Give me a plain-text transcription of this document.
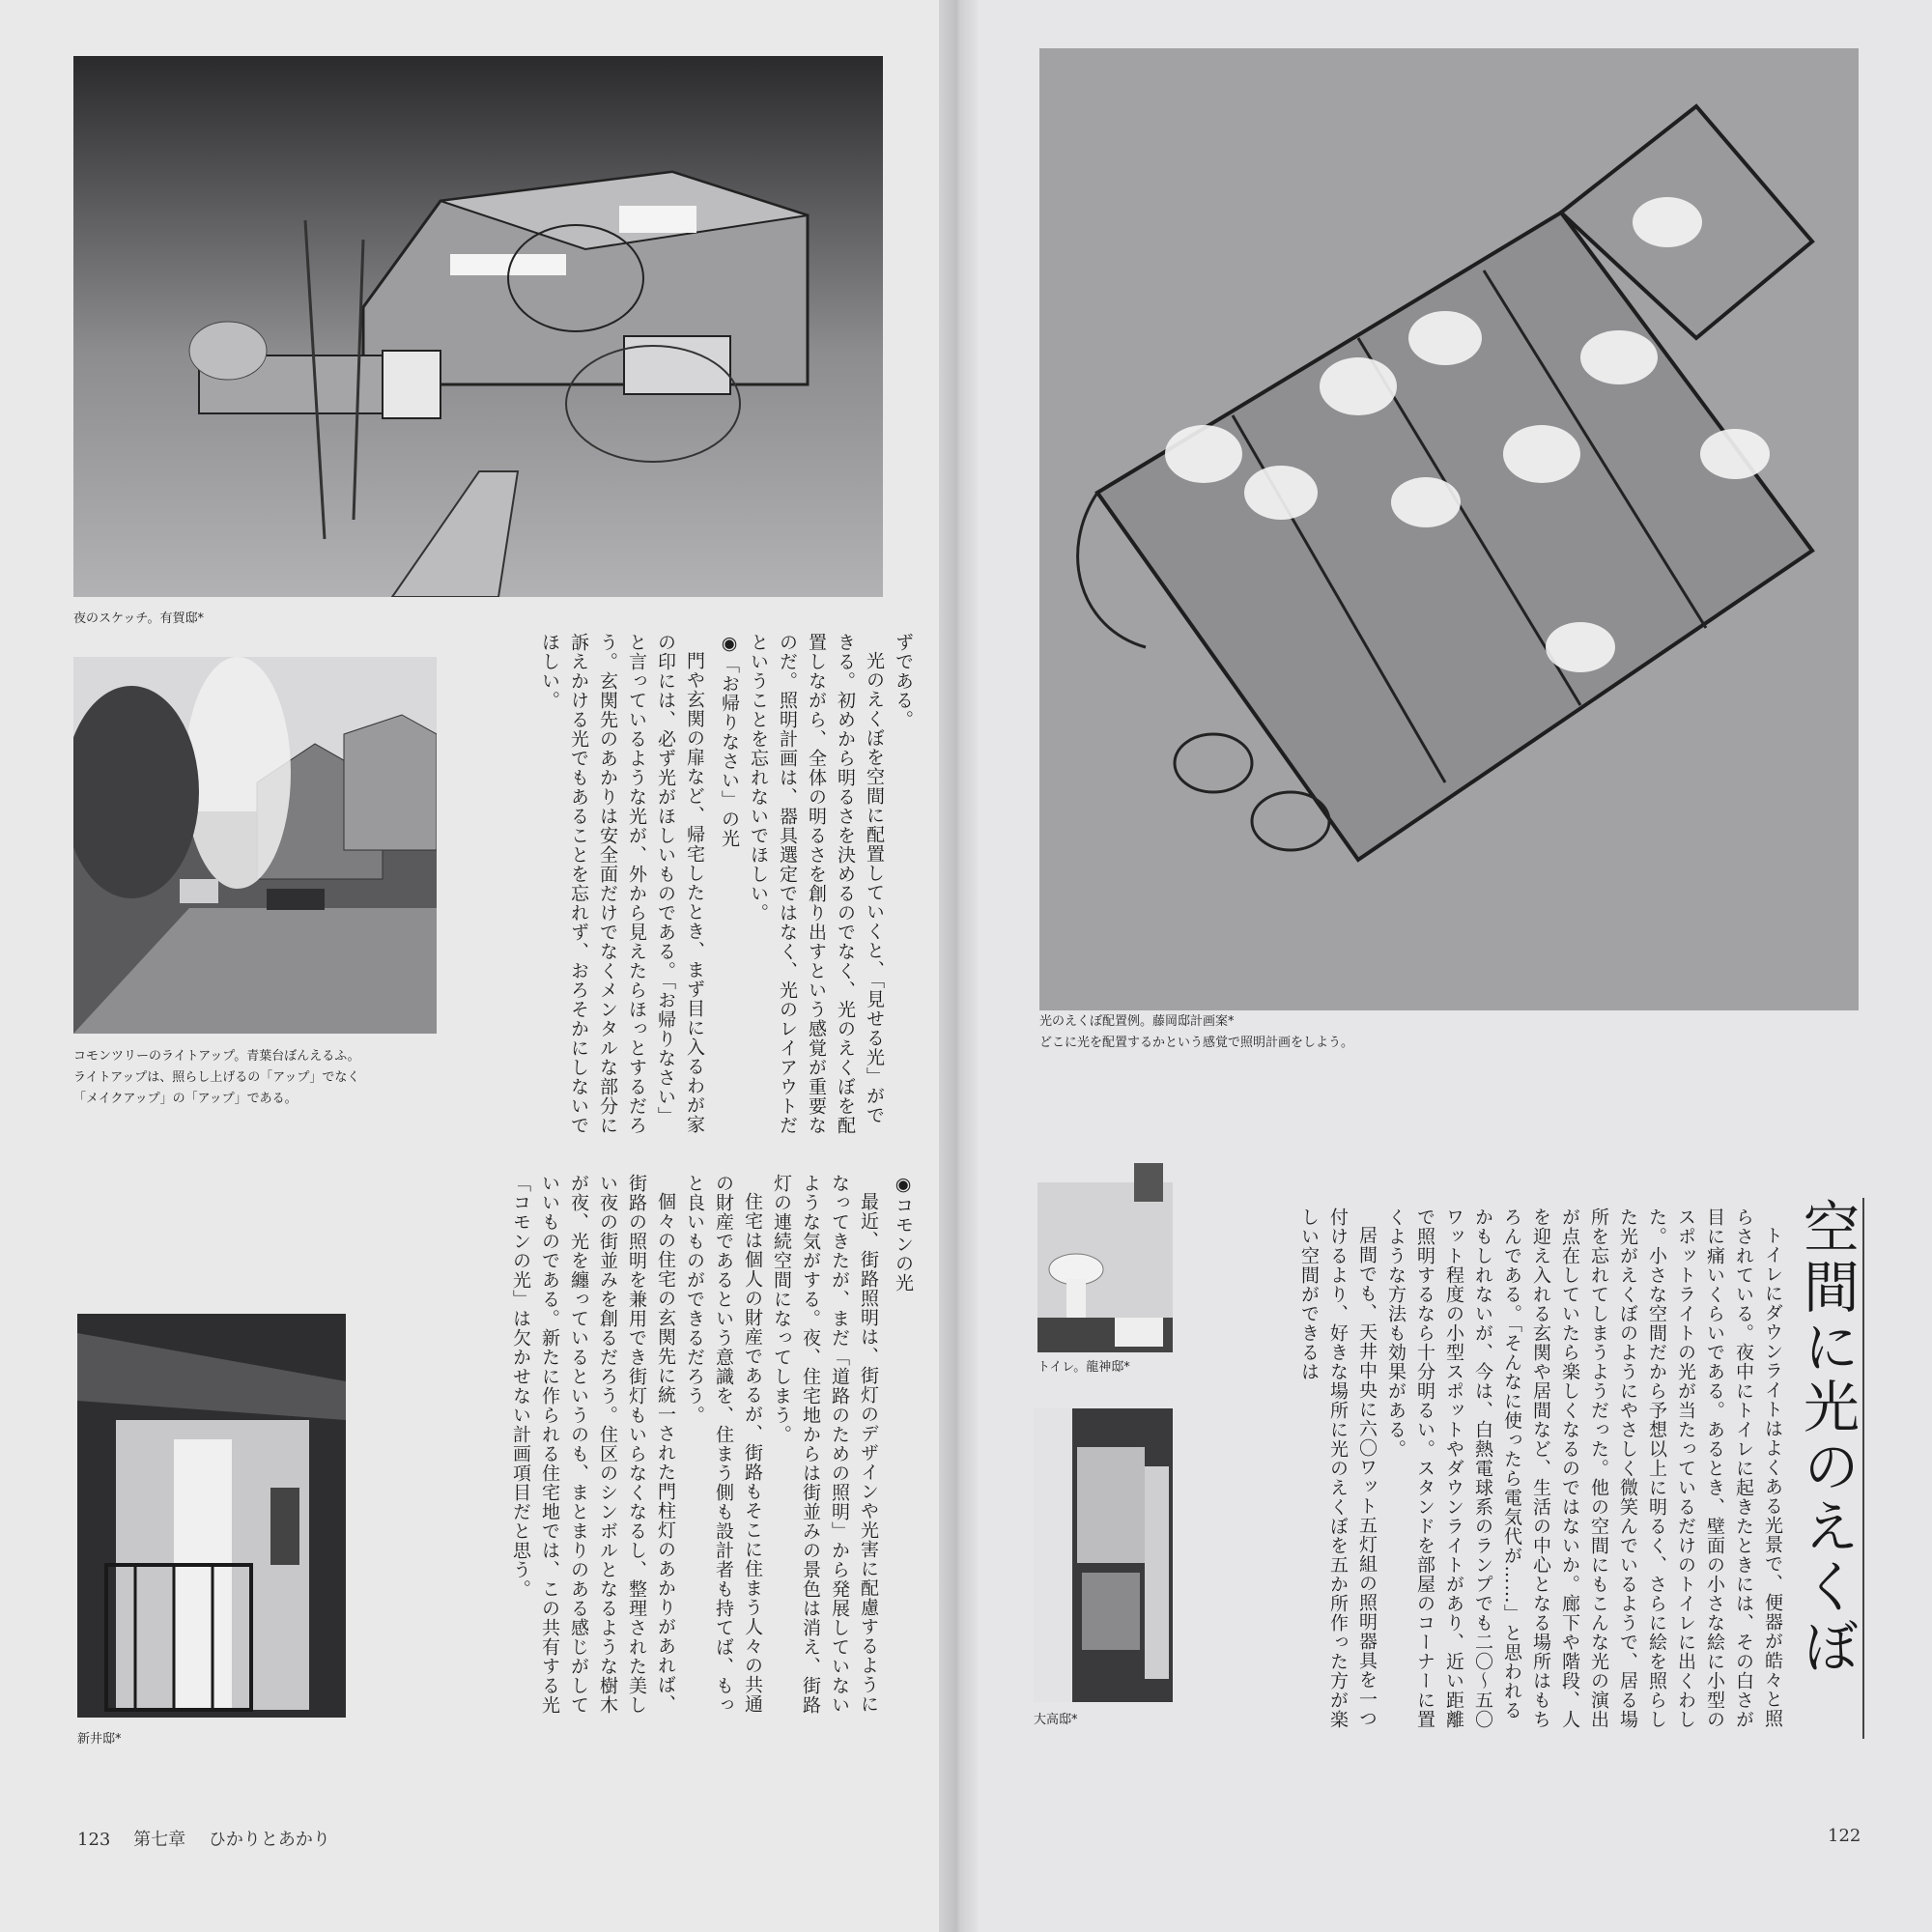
夜のスケッチ。有賀邸*
コモンツリーのライトアップ。青葉台ぼんえるふ。
ライトアップは、照らし上げるの「アップ」でなく
「メイクアップ」の「アップ」である。
新井邸*

ずである。

光のえくぼを空間に配置していくと、「見せる光」ができる。初めから明るさを決めるのでなく、光のえくぼを配置しながら、全体の明るさを創り出すという感覚が重要なのだ。照明計画は、器具選定ではなく、光のレイアウトだということを忘れないでほしい。

◉「お帰りなさい」の光

門や玄関の扉など、帰宅したとき、まず目に入るわが家の印には、必ず光がほしいものである。「お帰りなさい」と言っているような光が、外から見えたらほっとするだろう。玄関先のあかりは安全面だけでなくメンタルな部分に訴えかける光でもあることを忘れず、おろそかにしないでほしい。

◉コモンの光

最近、街路照明は、街灯のデザインや光害に配慮するようになってきたが、まだ「道路のための照明」から発展していないような気がする。夜、住宅地からは街並みの景色は消え、街路灯の連続空間になってしまう。

住宅は個人の財産であるが、街路もそこに住まう人々の共通の財産であるという意識を、住まう側も設計者も持てば、もっと良いものができるだろう。

個々の住宅の玄関先に統一された門柱灯のあかりがあれば、街路の照明を兼用でき街灯もいらなくなるし、整理された美しい夜の街並みを創るだろう。住区のシンボルとなるような樹木が夜、光を纏っているというのも、まとまりのある感じがしていいものである。新たに作られる住宅地では、この共有する光「コモンの光」は欠かせない計画項目だと思う。

123 第七章 ひかりとあかり
光のえくぼ配置例。藤岡邸計画案*
どこに光を配置するかという感覚で照明計画をしよう。
トイレ。龍神邸*
大高邸*
空間に光のえくぼ

トイレにダウンライトはよくある光景で、便器が皓々と照らされている。夜中にトイレに起きたときには、その白さが目に痛いくらいである。あるとき、壁面の小さな絵に小型のスポットライトの光が当たっているだけのトイレに出くわした。小さな空間だから予想以上に明るく、さらに絵を照らした光がえくぼのようにやさしく微笑んでいるようで、居る場所を忘れてしまうようだった。他の空間にもこんな光の演出が点在していたら楽しくなるのではないか。廊下や階段、人を迎え入れる玄関や居間など、生活の中心となる場所はもちろんである。「そんなに使ったら電気代が……」と思われるかもしれないが、今は、白熱電球系のランプでも二〇〜五〇ワット程度の小型スポットやダウンライトがあり、近い距離で照明するなら十分明るい。スタンドを部屋のコーナーに置くような方法も効果がある。

居間でも、天井中央に六〇ワット五灯組の照明器具を一つ付けるより、好きな場所に光のえくぼを五か所作った方が楽しい空間ができるは

122
